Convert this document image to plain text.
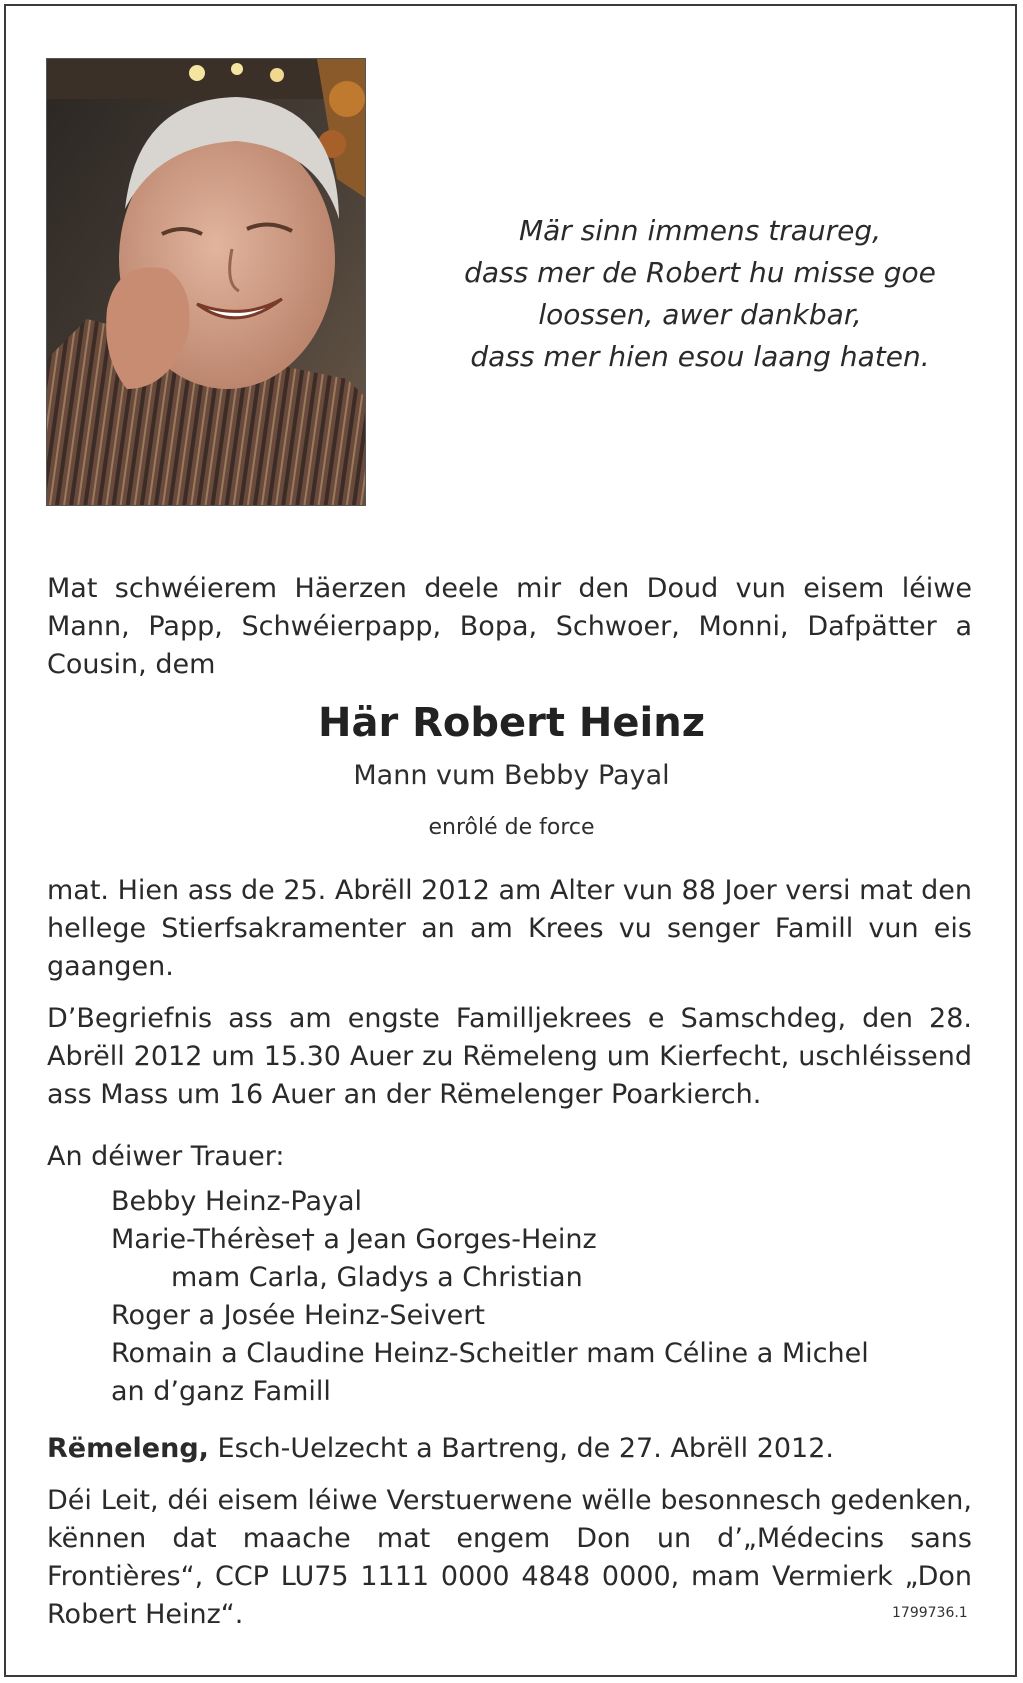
Mär sinn immens traureg,
dass mer de Robert hu misse goe
loossen, awer dankbar,
dass mer hien esou laang haten.
Mat schwéierem Häerzen deele mir den Doud vun eisem léiwe Mann, Papp, Schwéierpapp, Bopa, Schwoer, Monni, Dafpätter a Cousin, dem
Här Robert Heinz
Mann vum Bebby Payal
enrôlé de force
mat. Hien ass de 25. Abrëll 2012 am Alter vun 88 Joer versi mat den hellege Stierfsakramenter an am Krees vu senger Famill vun eis gaangen.
D’Begriefnis ass am engste Famillјekrees e Samschdeg, den 28. Abrëll 2012 um 15.30 Auer zu Rëmeleng um Kierfecht, uschléissend ass Mass um 16 Auer an der Rëmelenger Poarkierch.
An déiwer Trauer:
Bebby Heinz-Payal
Marie-Thérèse† a Jean Gorges-Heinz
mam Carla, Gladys a Christian
Roger a Josée Heinz-Seivert
Romain a Claudine Heinz-Scheitler mam Céline a Michel
an d’ganz Famill
Rëmeleng, Esch-Uelzecht a Bartreng, de 27. Abrëll 2012.
Déi Leit, déi eisem léiwe Verstuerwene wëlle besonnesch gedenken, kënnen dat maache mat engem Don un d’„Médecins sans Frontières“, CCP LU75 1111 0000 4848 0000, mam Vermierk „Don Robert Heinz“.	1799736.1
